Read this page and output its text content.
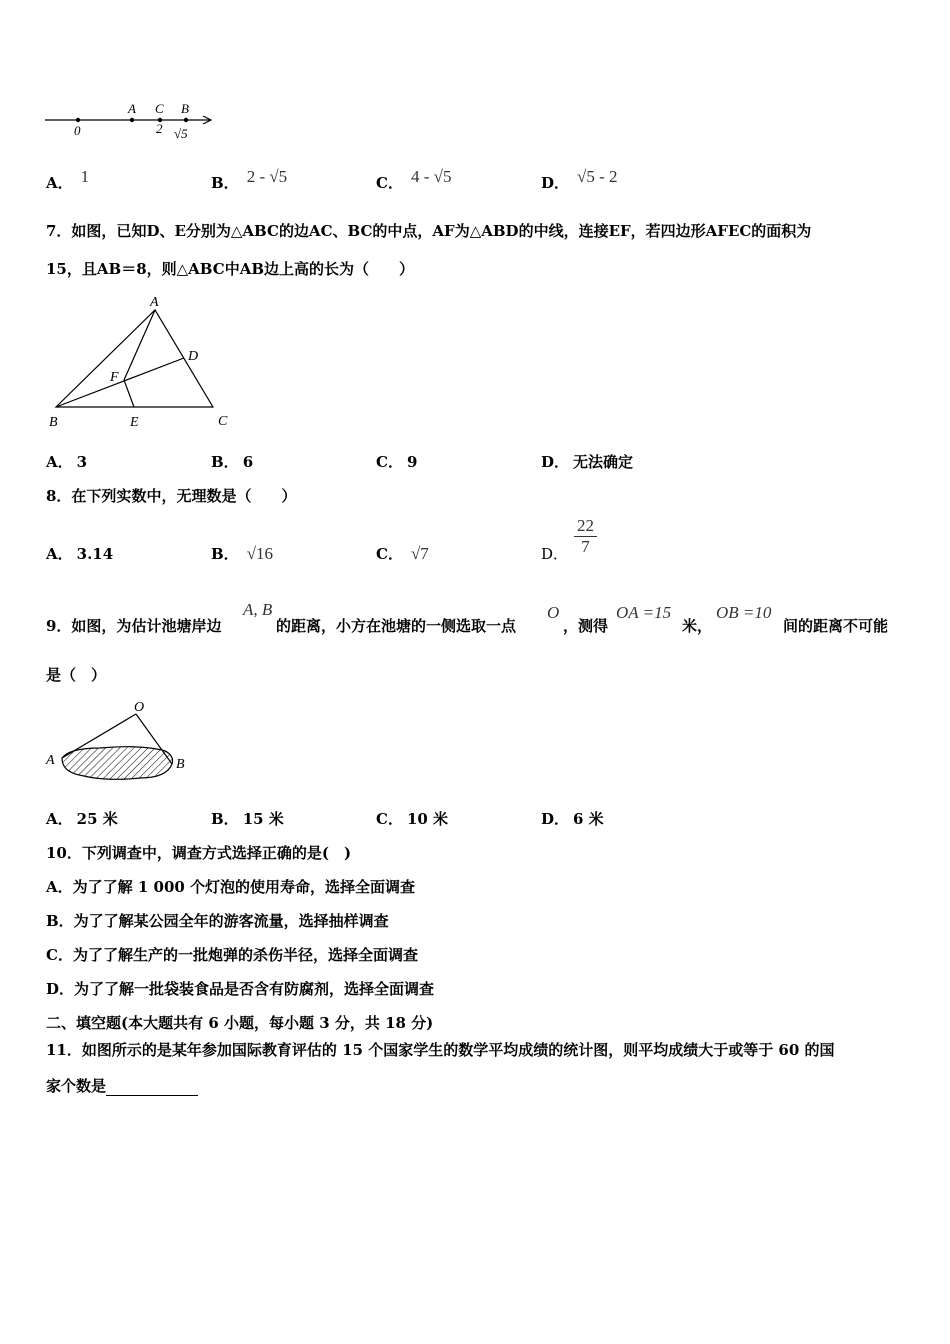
A C B
0	2 √5
A． 1	B． 2 - √5	C． 4 - √5	D． √5 - 2
7．如图，已知D、E分别为△ABC的边AC、BC的中点，AF为△ABD的中线，连接EF，若四边形AFEC的面积为
15，且AB＝8，则△ABC中AB边上高的长为（　　）
A
D
F
B	E	C
A． 3	B． 6	C． 9	D． 无法确定
8．在下列实数中，无理数是（　　）
A． 3.14	B． √16	C． √7	D． $\frac{22}{7}$
9．如图，为估计池塘岸边
A, B
的距离，小方在池塘的一侧选取一点
O
，测得
OA =15
米，
OB =10
间的距离不可能
是（　）
O
A	B
A． 25 米	B． 15 米	C． 10 米	D． 6 米
10．下列调查中，调查方式选择正确的是(　)
A．为了了解 1 000 个灯泡的使用寿命，选择全面调查
B．为了了解某公园全年的游客流量，选择抽样调查
C．为了了解生产的一批炮弹的杀伤半径，选择全面调查
D．为了了解一批袋装食品是否含有防腐剂，选择全面调查
二、填空题(本大题共有 6 小题，每小题 3 分，共 18 分)
11．如图所示的是某年参加国际教育评估的 15 个国家学生的数学平均成绩的统计图，则平均成绩大于或等于 60 的国
家个数是
